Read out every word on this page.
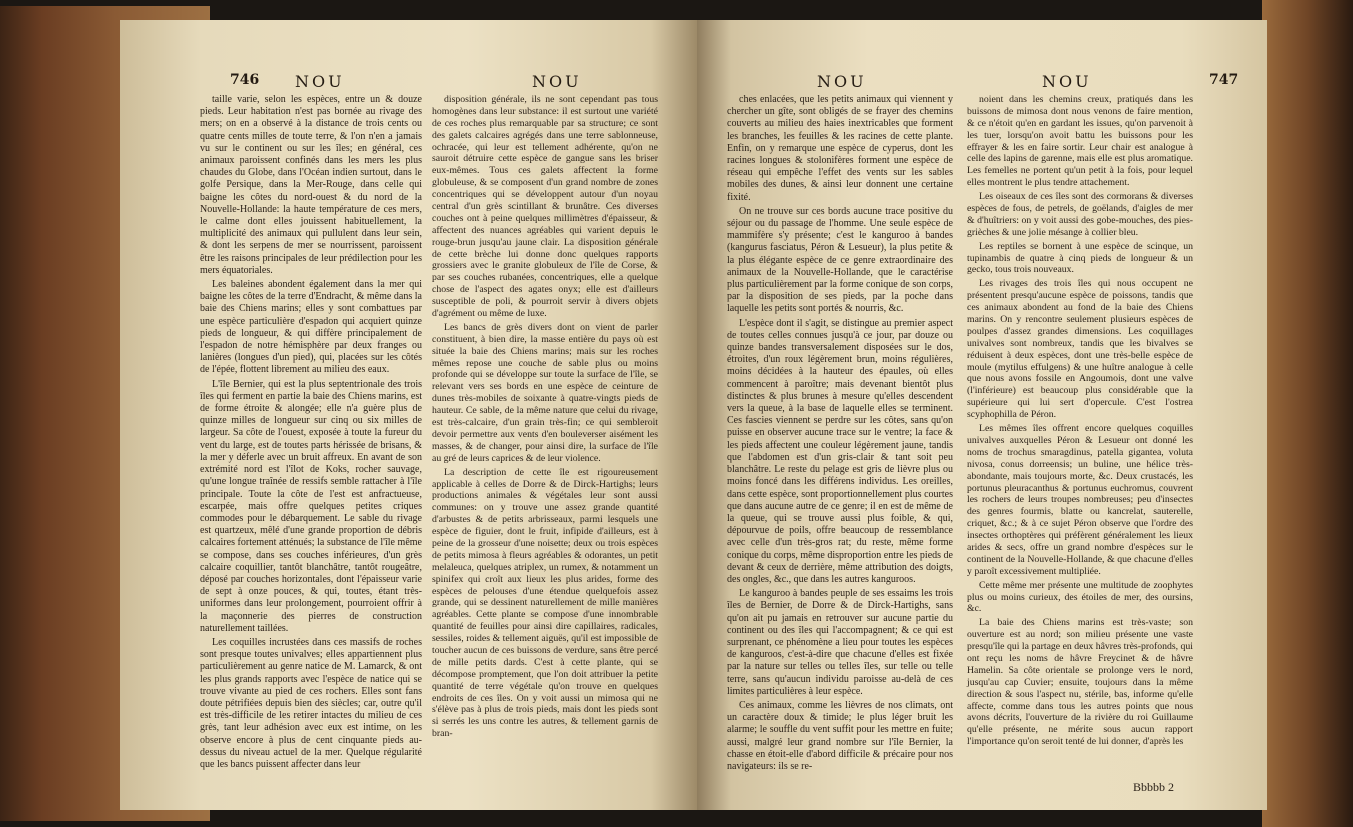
746 NOU	NOU

taille varie, selon les espèces, entre un & douze pieds. Leur habitation n'est pas bornée au rivage des mers; on en a observé à la distance de trois cents ou quatre cents milles de toute terre, & l'on n'en a jamais vu sur le continent ou sur les îles; en général, ces animaux paroissent confinés dans les mers les plus chaudes du Globe, dans l'Océan indien surtout, dans le golfe Persique, dans la Mer-Rouge, dans celle qui baigne les côtes du nord-ouest & du nord de la Nouvelle-Hollande: la haute température de ces mers, le calme dont elles jouissent habituellement, la multiplicité des animaux qui pullulent dans leur sein, & dont les serpens de mer se nourrissent, paroissent être les raisons principales de leur prédilection pour les mers équatoriales.

Les baleines abondent également dans la mer qui baigne les côtes de la terre d'Endracht, & même dans la baie des Chiens marins; elles y sont combattues par une espèce particulière d'espadon qui acquiert quinze pieds de longueur, & qui diffère principalement de l'espadon de notre hémisphère par deux franges ou lanières (longues d'un pied), qui, placées sur les côtés de l'épée, flottent librement au milieu des eaux.

L'île Bernier, qui est la plus septentrionale des trois îles qui ferment en partie la baie des Chiens marins, est de forme étroite & alongée; elle n'a guère plus de quinze milles de longueur sur cinq ou six milles de largeur. Sa côte de l'ouest, exposée à toute la fureur du vent du large, est de toutes parts hérissée de brisans, & la mer y déferle avec un bruit affreux. En avant de son extrémité nord est l'îlot de Koks, rocher sauvage, qu'une longue traînée de ressifs semble rattacher à l'île principale. Toute la côte de l'est est anfractueuse, escarpée, mais offre quelques petites criques commodes pour le débarquement. Le sable du rivage est quartzeux, mêlé d'une grande proportion de débris calcaires fortement atténués; la substance de l'île même se compose, dans ses couches inférieures, d'un grès calcaire coquillier, tantôt blanchâtre, tantôt rougeâtre, déposé par couches horizontales, dont l'épaisseur varie de sept à onze pouces, & qui, toutes, étant très-uniformes dans leur prolongement, pourroient offrir à la maçonnerie des pierres de construction naturellement taillées.

Les coquilles incrustées dans ces massifs de roches sont presque toutes univalves; elles appartiennent plus particulièrement au genre natice de M. Lamarck, & ont les plus grands rapports avec l'espèce de natice qui se trouve vivante au pied de ces rochers. Elles sont fans doute pétrifiées depuis bien des siècles; car, outre qu'il est très-difficile de les retirer intactes du milieu de ces grès, tant leur adhésion avec eux est intime, on les observe encore à plus de cent cinquante pieds au-dessus du niveau actuel de la mer. Quelque régularité que les bancs puissent affecter dans leur

disposition générale, ils ne sont cependant pas tous homogènes dans leur substance: il est surtout une variété de ces roches plus remarquable par sa structure; ce sont des galets calcaires agrégés dans une terre sablonneuse, ochracée, qui leur est tellement adhérente, qu'on ne sauroit détruire cette espèce de gangue sans les briser eux-mêmes. Tous ces galets affectent la forme globuleuse, & se composent d'un grand nombre de zones concentriques qui se développent autour d'un noyau central d'un grès scintillant & brunâtre. Ces diverses couches ont à peine quelques millimètres d'épaisseur, & affectent des nuances agréables qui varient depuis le rouge-brun jusqu'au jaune clair. La disposition générale de cette brèche lui donne donc quelques rapports grossiers avec le granite globuleux de l'île de Corse, & par ses couches rubanées, concentriques, elle a quelque chose de l'aspect des agates onyx; elle est d'ailleurs susceptible de poli, & pourroit servir à divers objets d'agrément ou même de luxe.

Les bancs de grès divers dont on vient de parler constituent, à bien dire, la masse entière du pays où est située la baie des Chiens marins; mais sur les roches mêmes repose une couche de sable plus ou moins profonde qui se développe sur toute la surface de l'île, se relevant vers ses bords en une espèce de ceinture de dunes très-mobiles de soixante à quatre-vingts pieds de hauteur. Ce sable, de la même nature que celui du rivage, est très-calcaire, d'un grain très-fin; ce qui sembleroit devoir permettre aux vents d'en bouleverser aisément les masses, & de changer, pour ainsi dire, la surface de l'île au gré de leurs caprices & de leur violence.

La description de cette île est rigoureusement applicable à celles de Dorre & de Dirck-Hartighs; leurs productions animales & végétales leur sont aussi communes: on y trouve une assez grande quantité d'arbustes & de petits arbrisseaux, parmi lesquels une espèce de figuier, dont le fruit, infipide d'ailleurs, est à peine de la grosseur d'une noisette; deux ou trois espèces de petits mimosa à fleurs agréables & odorantes, un petit melaleuca, quelques atriplex, un rumex, & notamment un spinifex qui croît aux lieux les plus arides, forme des espèces de pelouses d'une étendue quelquefois assez grande, qui se dessinent naturellement de mille manières agréables. Cette plante se compose d'une innombrable quantité de feuilles pour ainsi dire capillaires, radicales, sessiles, roides & tellement aiguës, qu'il est impossible de toucher aucun de ces buissons de verdure, sans être percé de mille petits dards. C'est à cette plante, qui se décompose promptement, que l'on doit attribuer la petite quantité de terre végétale qu'on trouve en quelques endroits de ces îles. On y voit aussi un mimosa qui ne s'élève pas à plus de trois pieds, mais dont les pieds sont si serrés les uns contre les autres, & tellement garnis de bran-

NOU	NOU	747

ches enlacées, que les petits animaux qui viennent y chercher un gîte, sont obligés de se frayer des chemins couverts au milieu des haies inextricables que forment les branches, les feuilles & les racines de cette plante. Enfin, on y remarque une espèce de cyperus, dont les racines longues & stolonifères forment une espèce de réseau qui empêche l'effet des vents sur les sables mobiles des dunes, & ainsi leur donnent une certaine fixité.

On ne trouve sur ces bords aucune trace positive du séjour ou du passage de l'homme. Une seule espèce de mammifère s'y présente; c'est le kanguroo à bandes (kangurus fasciatus, Péron & Lesueur), la plus petite & la plus élégante espèce de ce genre extraordinaire des animaux de la Nouvelle-Hollande, que le caractérise plus particulièrement par la forme conique de son corps, par la disposition de ses pieds, par la poche dans laquelle les petits sont portés & nourris, &c.

L'espèce dont il s'agit, se distingue au premier aspect de toutes celles connues jusqu'à ce jour, par douze ou quinze bandes transversalement disposées sur le dos, étroites, d'un roux légèrement brun, moins régulières, moins décidées à la hauteur des épaules, où elles commencent à paroître; mais devenant bientôt plus distinctes & plus brunes à mesure qu'elles descendent vers la queue, à la base de laquelle elles se terminent. Ces fascies viennent se perdre sur les côtes, sans qu'on puisse en observer aucune trace sur le ventre; la face & les pieds affectent une couleur légèrement jaune, tandis que l'abdomen est d'un gris-clair & tant soit peu blanchâtre. Le reste du pelage est gris de lièvre plus ou moins foncé dans les différens individus. Les oreilles, dans cette espèce, sont proportionnellement plus courtes que dans aucune autre de ce genre; il en est de même de la queue, qui se trouve aussi plus foible, & qui, dépourvue de poils, offre beaucoup de ressemblance avec celle d'un très-gros rat; du reste, même forme conique du corps, même disproportion entre les pieds de devant & ceux de derrière, même attribution des doigts, des ongles, &c., que dans les autres kanguroos.

Le kanguroo à bandes peuple de ses essaims les trois îles de Bernier, de Dorre & de Dirck-Hartighs, sans qu'on ait pu jamais en retrouver sur aucune partie du continent ou des îles qui l'accompagnent; & ce qui est surprenant, ce phénomène a lieu pour toutes les espèces de kanguroos, c'est-à-dire que chacune d'elles est fixée par la nature sur telles ou telles îles, sur telle ou telle terre, sans qu'aucun individu paroisse au-delà de ces limites particulières à leur espèce.

Ces animaux, comme les lièvres de nos climats, ont un caractère doux & timide; le plus léger bruit les alarme; le souffle du vent suffit pour les mettre en fuite; aussi, malgré leur grand nombre sur l'île Bernier, la chasse en étoit-elle d'abord difficile & précaire pour nos navigateurs: ils se re-

noient dans les chemins creux, pratiqués dans les buissons de mimosa dont nous venons de faire mention, & ce n'étoit qu'en en gardant les issues, qu'on parvenoit à les tuer, lorsqu'on avoit battu les buissons pour les effrayer & les en faire sortir. Leur chair est analogue à celle des lapins de garenne, mais elle est plus aromatique. Les femelles ne portent qu'un petit à la fois, pour lequel elles montrent le plus tendre attachement.

Les oiseaux de ces îles sont des cormorans & diverses espèces de fous, de petrels, de goëlands, d'aigles de mer & d'huîtriers: on y voit aussi des gobe-mouches, des pies-grièches & une jolie mésange à collier bleu.

Les reptiles se bornent à une espèce de scinque, un tupinambis de quatre à cinq pieds de longueur & un gecko, tous trois nouveaux.

Les rivages des trois îles qui nous occupent ne présentent presqu'aucune espèce de poissons, tandis que ces animaux abondent au fond de la baie des Chiens marins. On y rencontre seulement plusieurs espèces de poulpes d'assez grandes dimensions. Les coquillages univalves sont nombreux, tandis que les bivalves se réduisent à deux espèces, dont une très-belle espèce de moule (mytilus effulgens) & une huître analogue à celle que nous avons fossile en Angoumois, dont une valve (l'inférieure) est beaucoup plus considérable que la supérieure qui lui sert d'opercule. C'est l'ostrea scyphophilla de Péron.

Les mêmes îles offrent encore quelques coquilles univalves auxquelles Péron & Lesueur ont donné les noms de trochus smaragdinus, patella gigantea, voluta nivosa, conus dorreensis; un buline, une hélice très-abondante, mais toujours morte, &c. Deux crustacés, les portunus pleuracanthus & portunus euchromus, couvrent les rochers de leurs troupes nombreuses; peu d'insectes des genres fourmis, blatte ou kancrelat, sauterelle, criquet, &c.; & à ce sujet Péron observe que l'ordre des insectes orthoptères qui préfèrent généralement les lieux arides & secs, offre un grand nombre d'espèces sur le continent de la Nouvelle-Hollande, & que chacune d'elles y paroît excessivement multipliée.

Cette même mer présente une multitude de zoophytes plus ou moins curieux, des étoiles de mer, des oursins, &c.

La baie des Chiens marins est très-vaste; son ouverture est au nord; son milieu présente une vaste presqu'île qui la partage en deux hâvres très-profonds, qui ont reçu les noms de hâvre Freycinet & de hâvre Hamelin. Sa côte orientale se prolonge vers le nord, jusqu'au cap Cuvier; ensuite, toujours dans la même direction & sous l'aspect nu, stérile, bas, informe qu'elle affecte, comme dans tous les autres points que nous avons décrits, l'ouverture de la rivière du roi Guillaume qu'elle présente, ne mérite sous aucun rapport l'importance qu'on seroit tenté de lui donner, d'après les

Bbbbb 2
